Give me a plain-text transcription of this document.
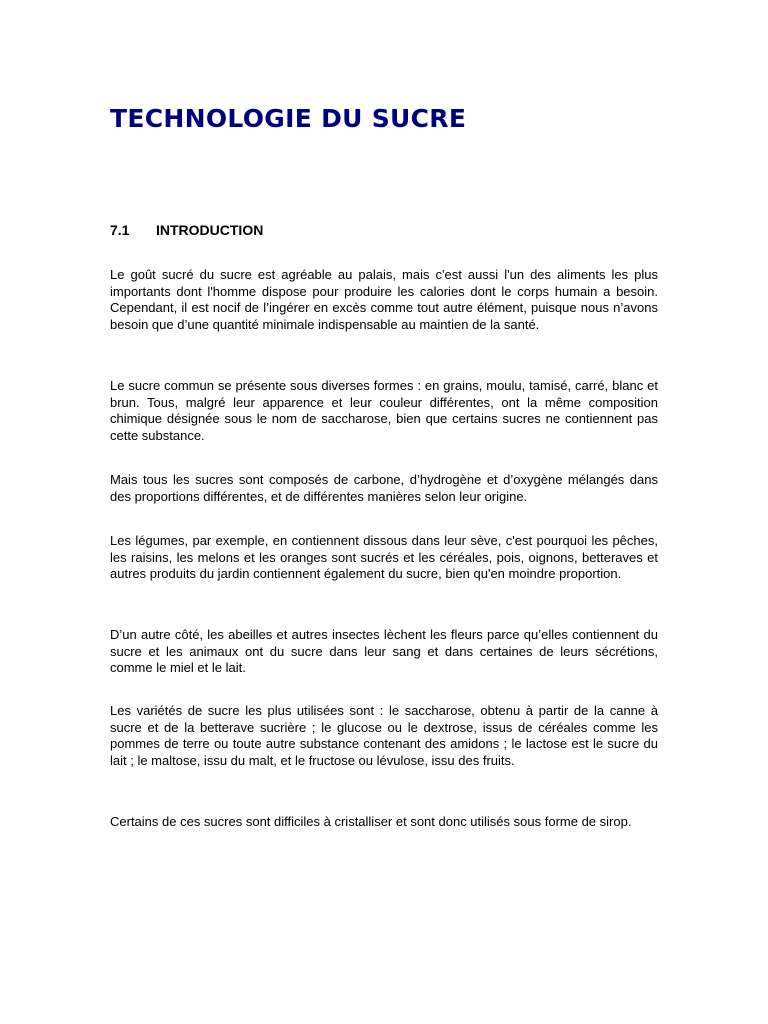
TECHNOLOGIE DU SUCRE
7.1 INTRODUCTION

Le goût sucré du sucre est agréable au palais, mais c'est aussi l'un des aliments les plus importants dont l'homme dispose pour produire les calories dont le corps humain a besoin. Cependant, il est nocif de l’ingérer en excès comme tout autre élément, puisque nous n’avons besoin que d’une quantité minimale indispensable au maintien de la santé.

Le sucre commun se présente sous diverses formes : en grains, moulu, tamisé, carré, blanc et brun. Tous, malgré leur apparence et leur couleur différentes, ont la même composition chimique désignée sous le nom de saccharose, bien que certains sucres ne contiennent pas cette substance.

Mais tous les sucres sont composés de carbone, d’hydrogène et d’oxygène mélangés dans des proportions différentes, et de différentes manières selon leur origine.

Les légumes, par exemple, en contiennent dissous dans leur sève, c'est pourquoi les pêches, les raisins, les melons et les oranges sont sucrés et les céréales, pois, oignons, betteraves et autres produits du jardin contiennent également du sucre, bien qu'en moindre proportion.

D’un autre côté, les abeilles et autres insectes lèchent les fleurs parce qu’elles contiennent du sucre et les animaux ont du sucre dans leur sang et dans certaines de leurs sécrétions, comme le miel et le lait.

Les variétés de sucre les plus utilisées sont : le saccharose, obtenu à partir de la canne à sucre et de la betterave sucrière ; le glucose ou le dextrose, issus de céréales comme les pommes de terre ou toute autre substance contenant des amidons ; le lactose est le sucre du lait ; le maltose, issu du malt, et le fructose ou lévulose, issu des fruits.

Certains de ces sucres sont difficiles à cristalliser et sont donc utilisés sous forme de sirop.
